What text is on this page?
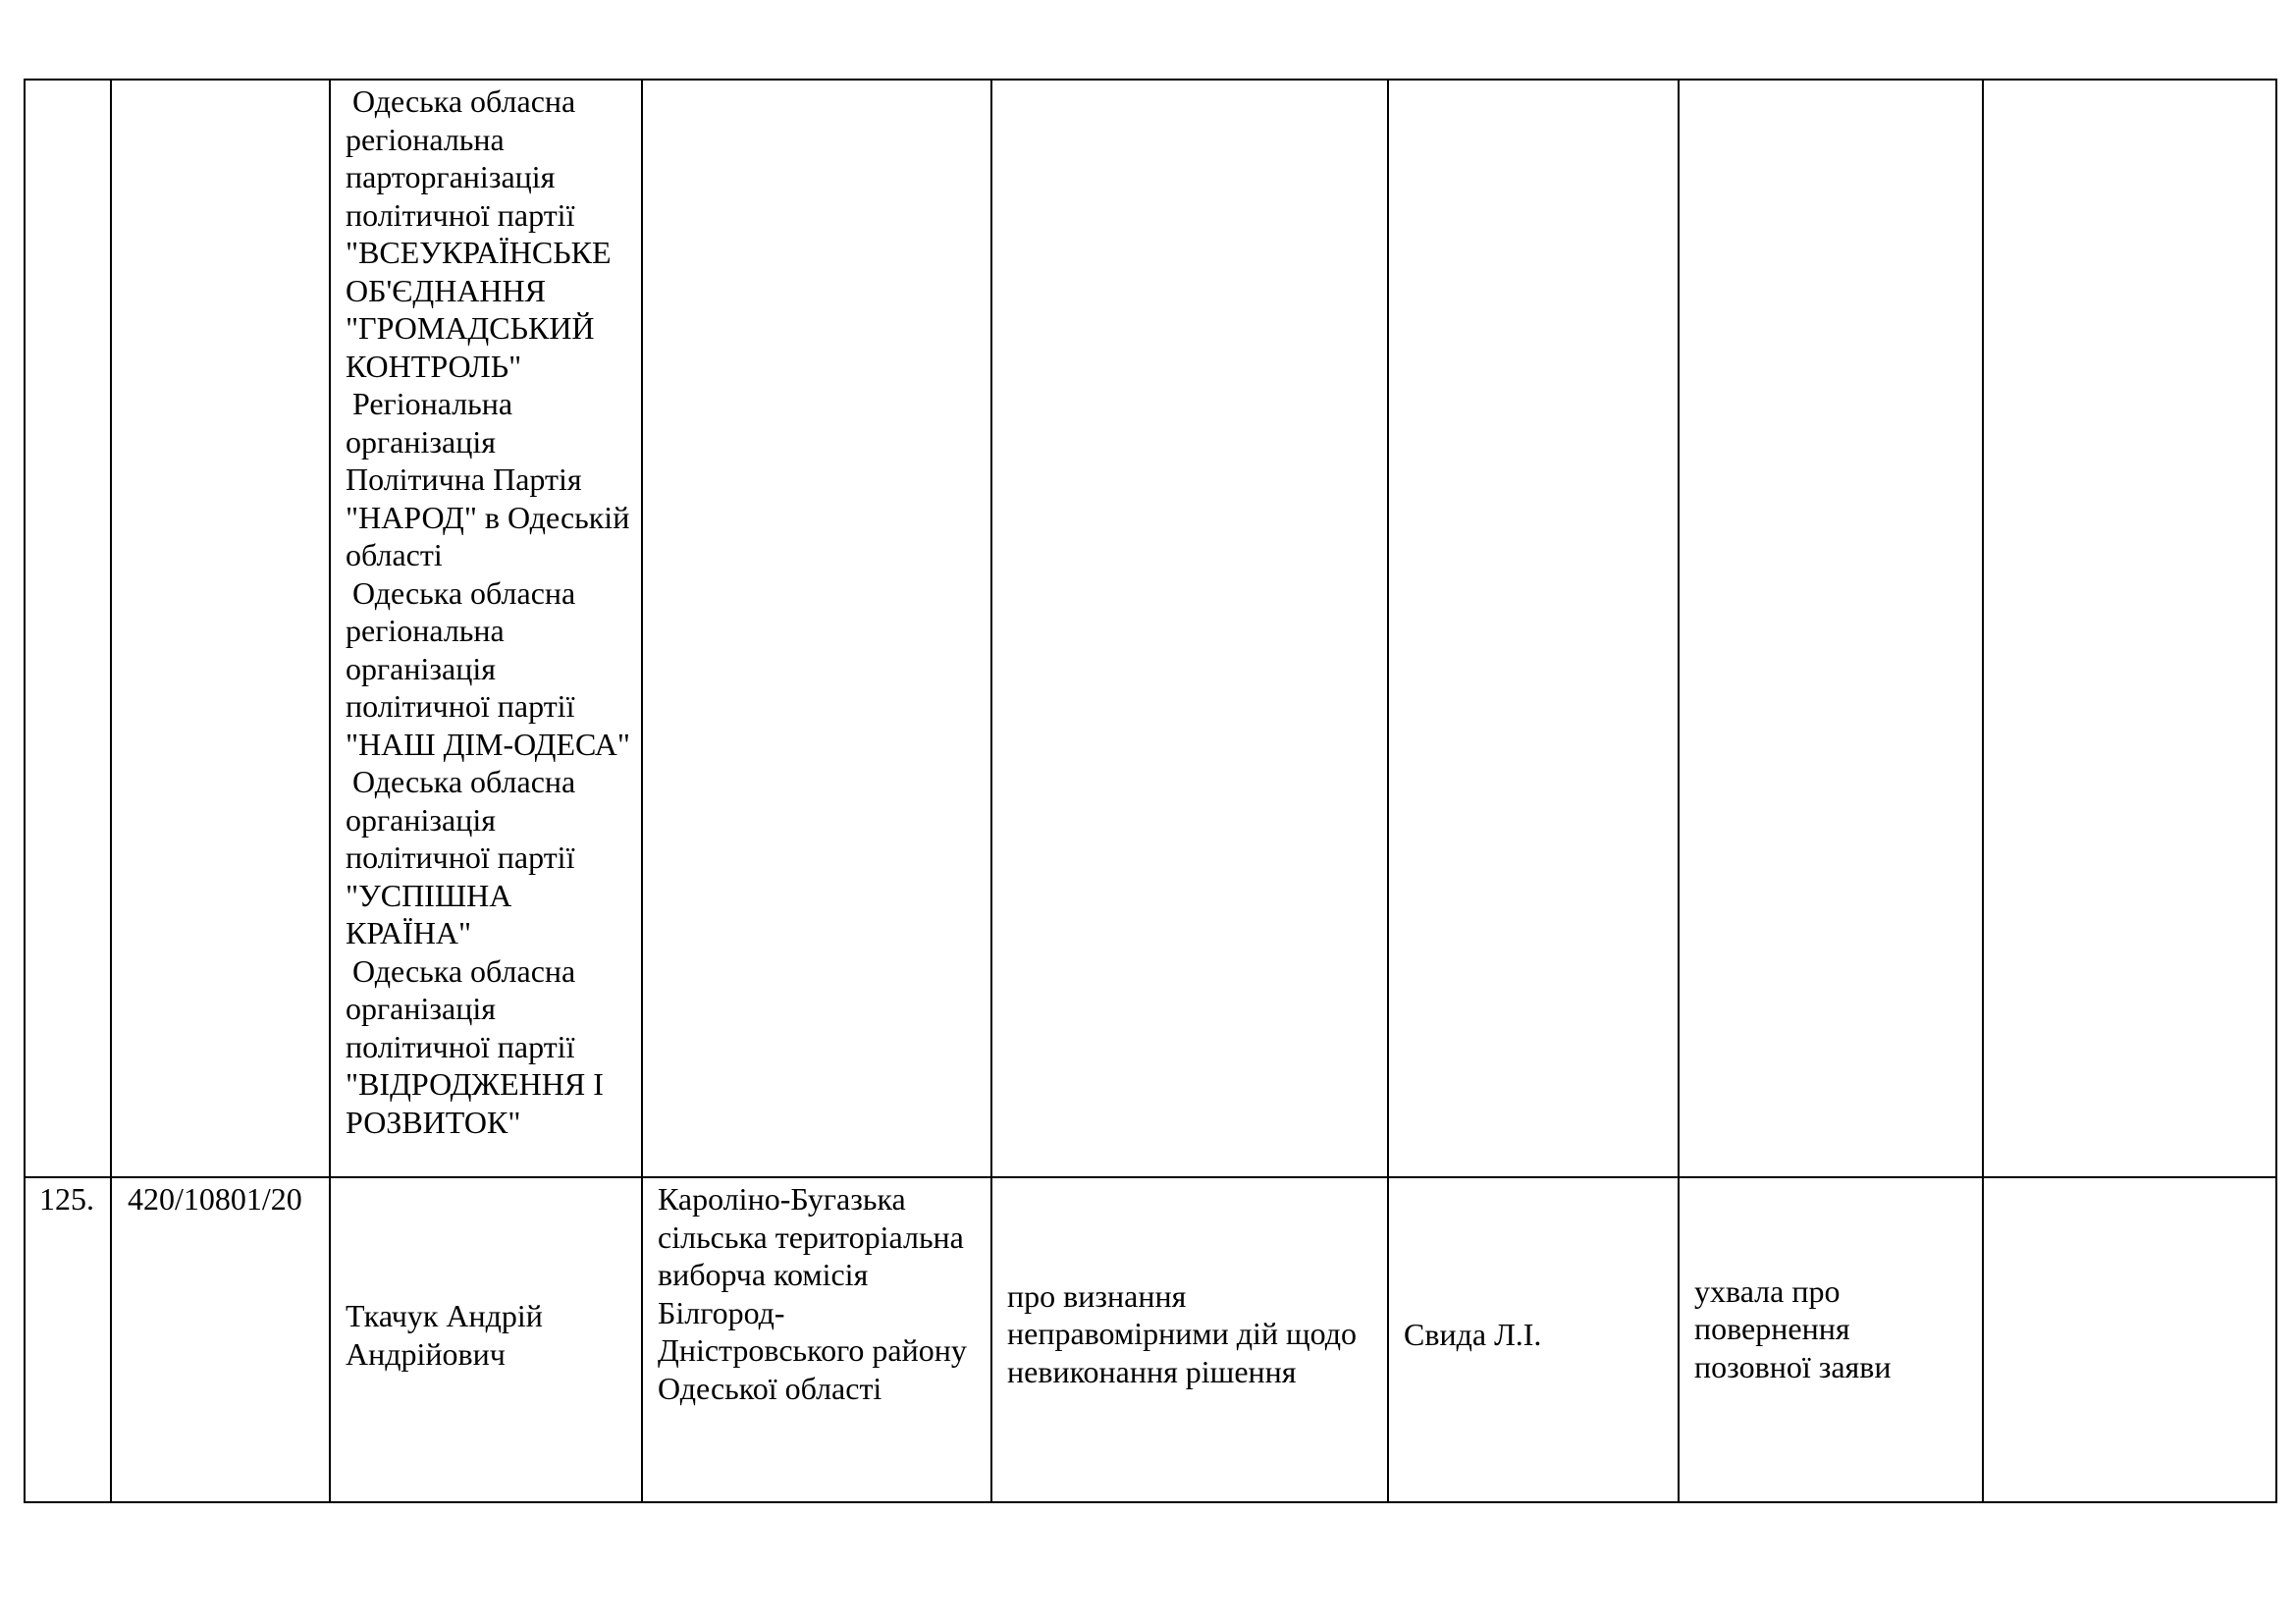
		Одеська обласна регіональна парторганізація політичної партії "ВСЕУКРАЇНСЬКЕ ОБ'ЄДНАННЯ "ГРОМАДСЬКИЙ КОНТРОЛЬ"
Регіональна організація Політична Партія "НАРОД" в Одеській області
Одеська обласна регіональна організація політичної партії "НАШ ДІМ-ОДЕСА"
Одеська обласна організація політичної партії "УСПІШНА КРАЇНА"
Одеська обласна організація політичної партії "ВІДРОДЖЕННЯ І РОЗВИТОК"					

125.	420/10801/20	Ткачук Андрій Андрійович	Кароліно-Бугазька сільська територіальна виборча комісія Білгород-Дністровського району Одеської області	про визнання неправомірними дій щодо невиконання рішення	Свида Л.І.	ухвала про повернення позовної заяви	
